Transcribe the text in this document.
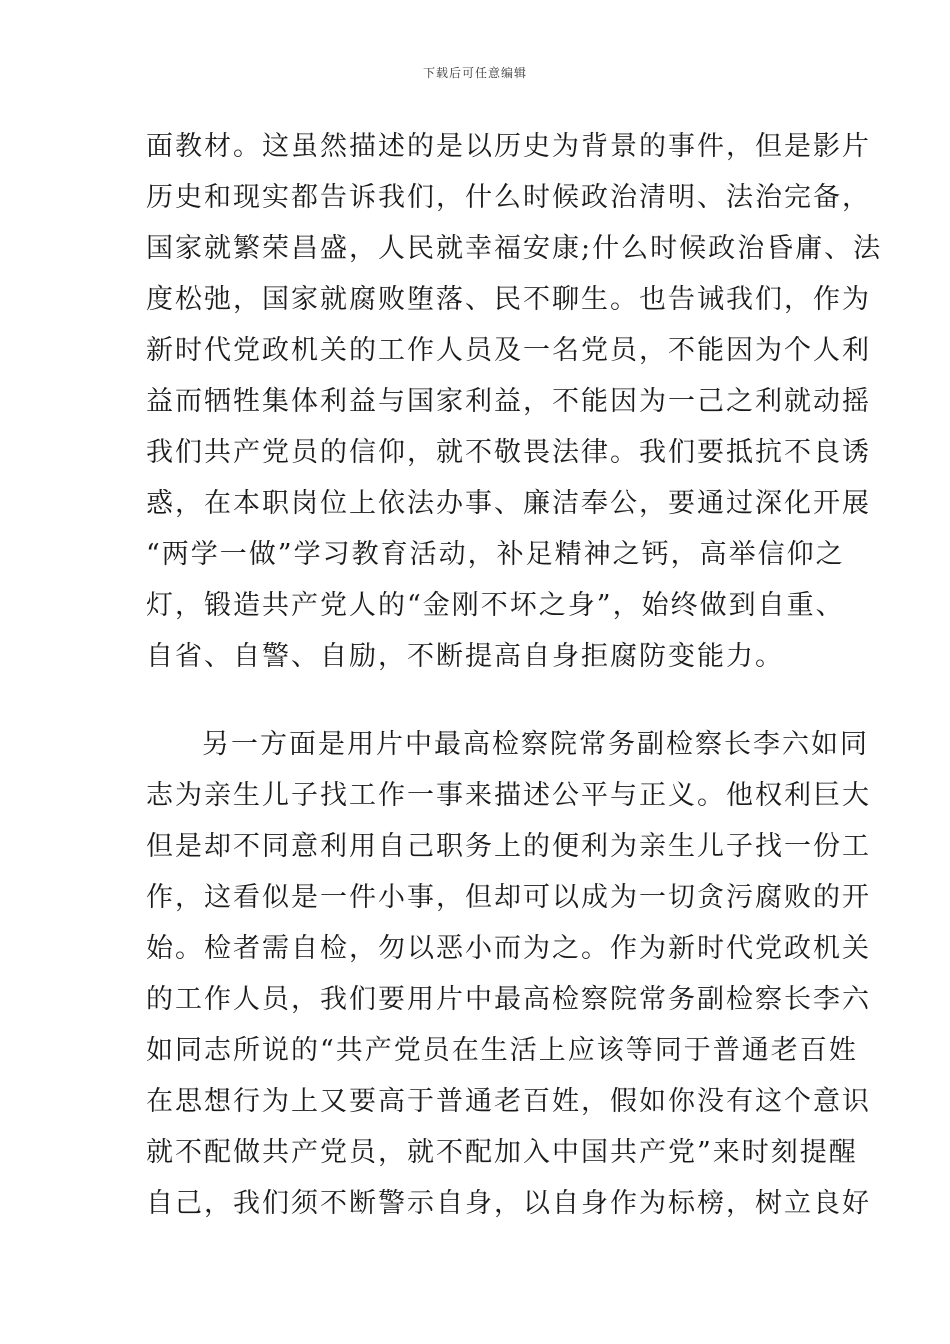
下载后可任意编辑
面教材。这虽然描述的是以历史为背景的事件，但是影片
历史和现实都告诉我们，什么时候政治清明、法治完备，
国家就繁荣昌盛，人民就幸福安康;什么时候政治昏庸、法
度松弛，国家就腐败堕落、民不聊生。也告诫我们，作为
新时代党政机关的工作人员及一名党员，不能因为个人利
益而牺牲集体利益与国家利益，不能因为一己之利就动摇
我们共产党员的信仰，就不敬畏法律。我们要抵抗不良诱
惑，在本职岗位上依法办事、廉洁奉公，要通过深化开展
“两学一做”学习教育活动，补足精神之钙，高举信仰之
灯，锻造共产党人的“金刚不坏之身”，始终做到自重、
自省、自警、自励，不断提高自身拒腐防变能力。
另一方面是用片中最高检察院常务副检察长李六如同
志为亲生儿子找工作一事来描述公平与正义。他权利巨大
但是却不同意利用自己职务上的便利为亲生儿子找一份工
作，这看似是一件小事，但却可以成为一切贪污腐败的开
始。检者需自检，勿以恶小而为之。作为新时代党政机关
的工作人员，我们要用片中最高检察院常务副检察长李六
如同志所说的“共产党员在生活上应该等同于普通老百姓
在思想行为上又要高于普通老百姓，假如你没有这个意识
就不配做共产党员，就不配加入中国共产党”来时刻提醒
自己，我们须不断警示自身，以自身作为标榜，树立良好
